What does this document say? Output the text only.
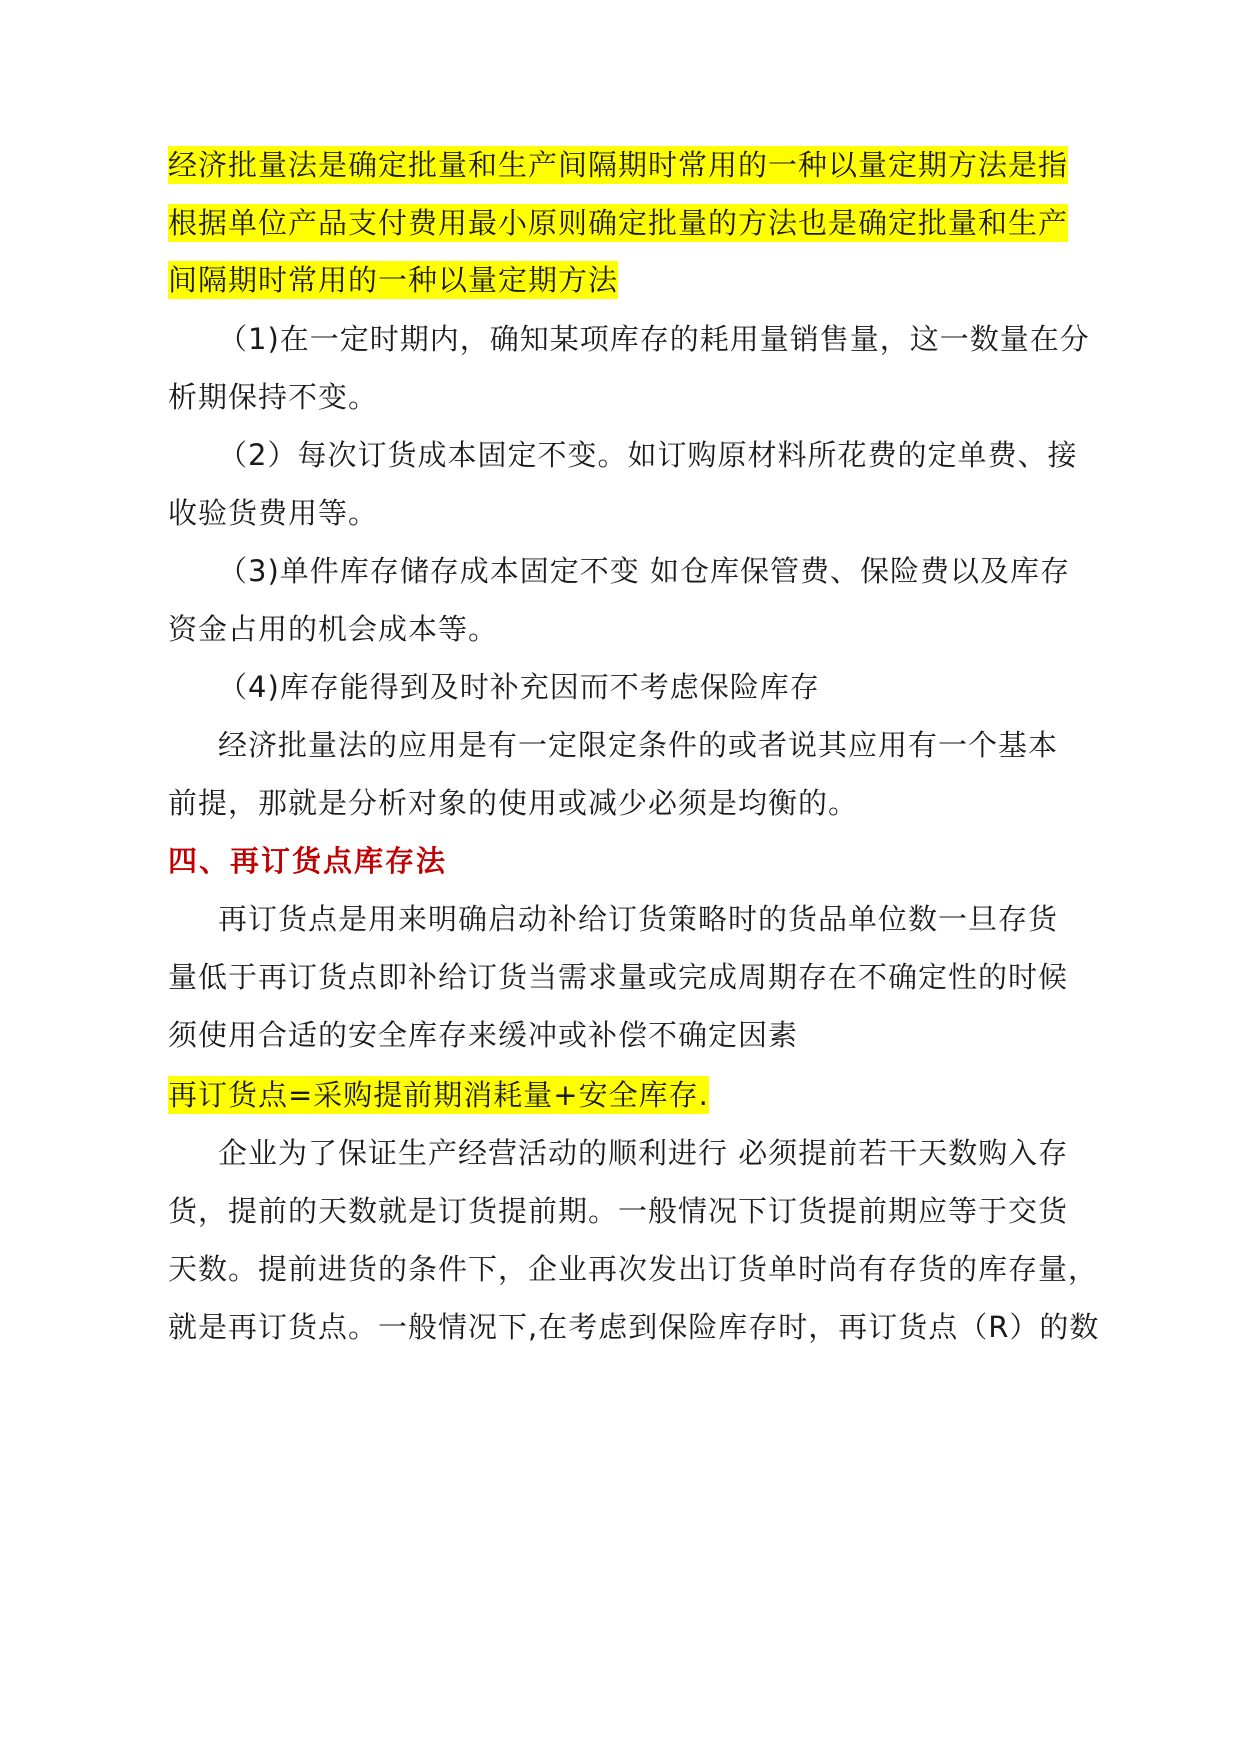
经济批量法是确定批量和生产间隔期时常用的一种以量定期方法是指
根据单位产品支付费用最小原则确定批量的方法也是确定批量和生产
间隔期时常用的一种以量定期方法
（1)在一定时期内，确知某项库存的耗用量销售量，这一数量在分
析期保持不变。
（2）每次订货成本固定不变。如订购原材料所花费的定单费、接
收验货费用等。
（3)单件库存储存成本固定不变 如仓库保管费、保险费以及库存
资金占用的机会成本等。
（4)库存能得到及时补充因而不考虑保险库存
经济批量法的应用是有一定限定条件的或者说其应用有一个基本
前提，那就是分析对象的使用或减少必须是均衡的。
四、再订货点库存法
再订货点是用来明确启动补给订货策略时的货品单位数一旦存货
量低于再订货点即补给订货当需求量或完成周期存在不确定性的时候
须使用合适的安全库存来缓冲或补偿不确定因素
再订货点=采购提前期消耗量+安全库存.
企业为了保证生产经营活动的顺利进行 必须提前若干天数购入存
货，提前的天数就是订货提前期。一般情况下订货提前期应等于交货
天数。提前进货的条件下，企业再次发出订货单时尚有存货的库存量，
就是再订货点。一般情况下,在考虑到保险库存时，再订货点（R）的数
